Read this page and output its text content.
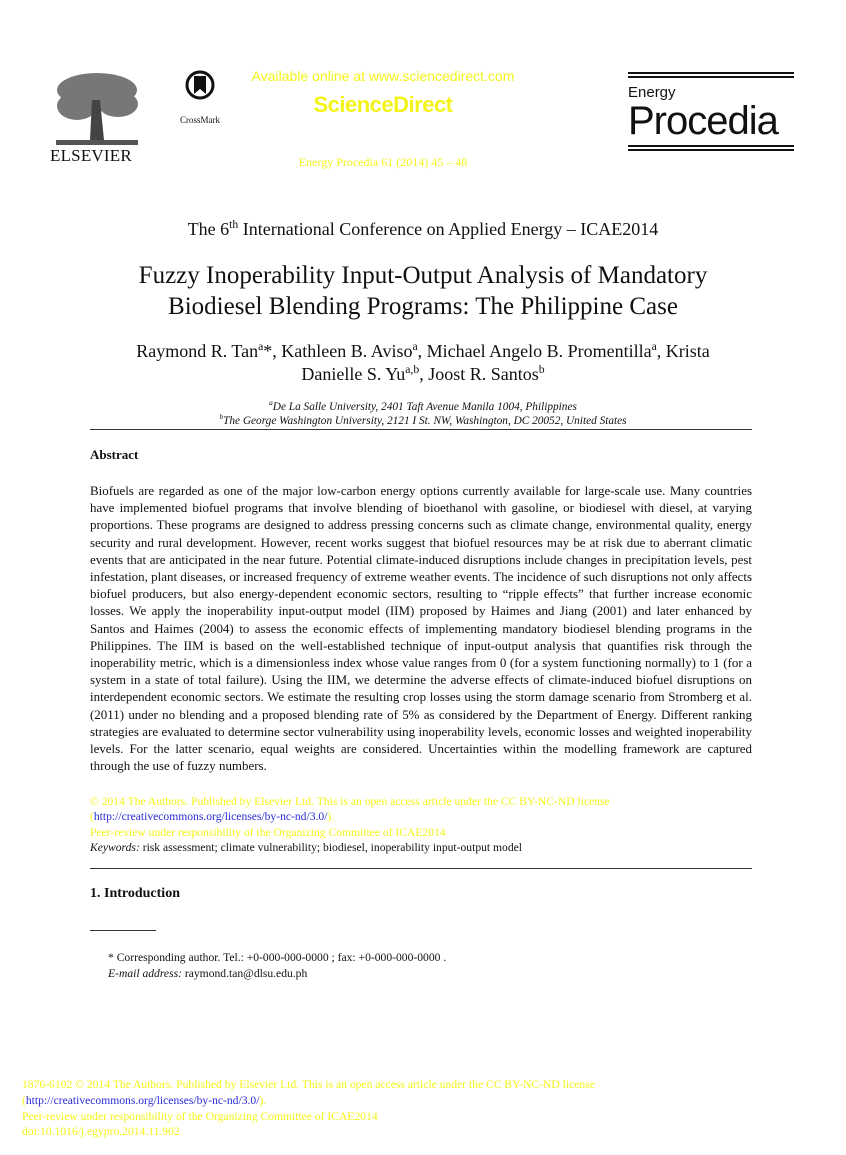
ELSEVIER
CrossMark
Available online at www.sciencedirect.com
ScienceDirect
Energy Procedia 61 (2014) 45 – 48
Energy
Procedia
The 6th International Conference on Applied Energy – ICAE2014
Fuzzy Inoperability Input-Output Analysis of Mandatory
Biodiesel Blending Programs: The Philippine Case
Raymond R. Tan$^a$*, Kathleen B. Aviso$^a$, Michael Angelo B. Promentilla$^a$, Krista
Danielle S. Yu$^{a,b}$, Joost R. Santos$^b$
$^a$De La Salle University, 2401 Taft Avenue Manila 1004, Philippines
$^b$The George Washington University, 2121 I St. NW, Washington, DC 20052, United States
Abstract
Biofuels are regarded as one of the major low-carbon energy options currently available for large-scale use. Many countries have implemented biofuel programs that involve blending of bioethanol with gasoline, or biodiesel with diesel, at varying proportions. These programs are designed to address pressing concerns such as climate change, environmental quality, energy security and rural development. However, recent works suggest that biofuel resources may be at risk due to aberrant climatic events that are anticipated in the near future. Potential climate-induced disruptions include changes in precipitation levels, pest infestation, plant diseases, or increased frequency of extreme weather events. The incidence of such disruptions not only affects biofuel producers, but also energy-dependent economic sectors, resulting to “ripple effects” that further increase economic losses. We apply the inoperability input-output model (IIM) proposed by Haimes and Jiang (2001) and later enhanced by Santos and Haimes (2004) to assess the economic effects of implementing mandatory biodiesel blending programs in the Philippines. The IIM is based on the well-established technique of input-output analysis that quantifies risk through the inoperability metric, which is a dimensionless index whose value ranges from 0 (for a system functioning normally) to 1 (for a system in a state of total failure). Using the IIM, we determine the adverse effects of climate-induced biofuel disruptions on interdependent economic sectors. We estimate the resulting crop losses using the storm damage scenario from Stromberg et al. (2011) under no blending and a proposed blending rate of 5% as considered by the Department of Energy. Different ranking strategies are evaluated to determine sector vulnerability using inoperability levels, economic losses and weighted inoperability levels. For the latter scenario, equal weights are considered. Uncertainties within the modelling framework are captured through the use of fuzzy numbers.
© 2014 The Authors. Published by Elsevier Ltd. This is an open access article under the CC BY-NC-ND license
(http://creativecommons.org/licenses/by-nc-nd/3.0/).
Peer-review under responsibility of the Organizing Committee of ICAE2014
Keywords: risk assessment; climate vulnerability; biodiesel, inoperability input-output model
1. Introduction
* Corresponding author. Tel.: +0-000-000-0000 ; fax: +0-000-000-0000 .
E-mail address: raymond.tan@dlsu.edu.ph
1876-6102 © 2014 The Authors. Published by Elsevier Ltd. This is an open access article under the CC BY-NC-ND license
(http://creativecommons.org/licenses/by-nc-nd/3.0/).
Peer-review under responsibility of the Organizing Committee of ICAE2014
doi:10.1016/j.egypro.2014.11.902
